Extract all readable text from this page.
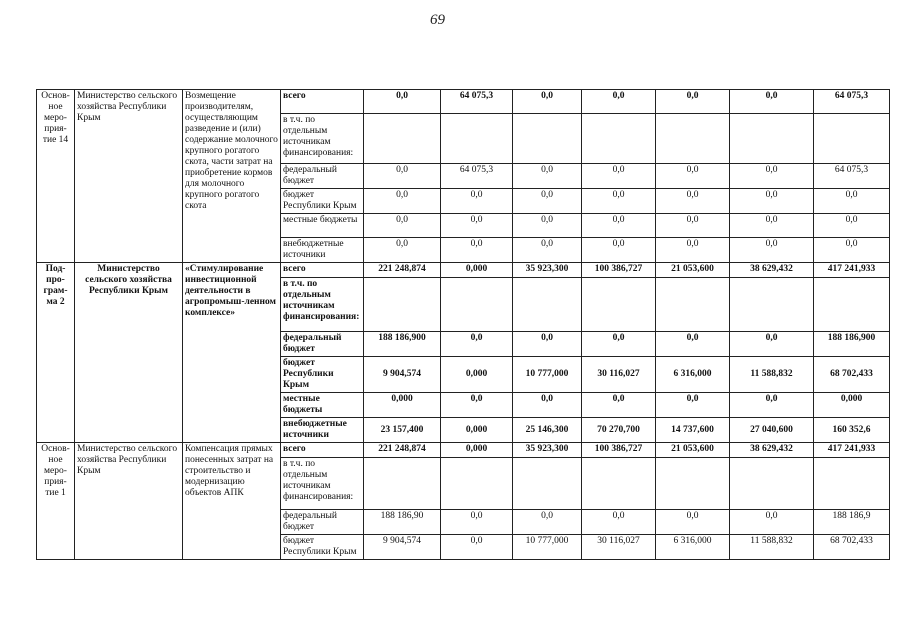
69
Основ-
ное
меро-
прия-
тие 14	Министерство сельского хозяйства Республики Крым	Возмещение производителям, осуществляющим разведение и (или) содержание молочного крупного рогатого скота, части затрат на приобретение кормов для молочного крупного рогатого скота	всего	0,0	64 075,3	0,0	0,0	0,0	0,0	64 075,3
			в т.ч. по отдельным источникам финансирования:							
			федеральный бюджет	0,0	64 075,3	0,0	0,0	0,0	0,0	64 075,3
			бюджет Республики Крым	0,0	0,0	0,0	0,0	0,0	0,0	0,0
			местные бюджеты	0,0	0,0	0,0	0,0	0,0	0,0	0,0
			внебюджетные источники	0,0	0,0	0,0	0,0	0,0	0,0	0,0
Под-
про-
грам-
ма 2	Министерство сельского хозяйства Республики Крым	«Стимулирование инвестиционной деятельности в агропромыш-ленном комплексе»	всего	221 248,874	0,000	35 923,300	100 386,727	21 053,600	38 629,432	417 241,933
			в т.ч. по отдельным источникам финансирования:							
			федеральный бюджет	188 186,900	0,0	0,0	0,0	0,0	0,0	188 186,900
			бюджет Республики Крым	9 904,574	0,000	10 777,000	30 116,027	6 316,000	11 588,832	68 702,433
			местные бюджеты	0,000	0,0	0,0	0,0	0,0	0,0	0,000
			внебюджетные источники	23 157,400	0,000	25 146,300	70 270,700	14 737,600	27 040,600	160 352,6
Основ-
ное
меро-
прия-
тие 1	Министерство сельского хозяйства Республики Крым	Компенсация прямых понесенных затрат на строительство и модернизацию объектов АПК	всего	221 248,874	0,000	35 923,300	100 386,727	21 053,600	38 629,432	417 241,933
			в т.ч. по отдельным источникам финансирования:							
			федеральный бюджет	188 186,90	0,0	0,0	0,0	0,0	0,0	188 186,9
			бюджет Республики Крым	9 904,574	0,0	10 777,000	30 116,027	6 316,000	11 588,832	68 702,433
